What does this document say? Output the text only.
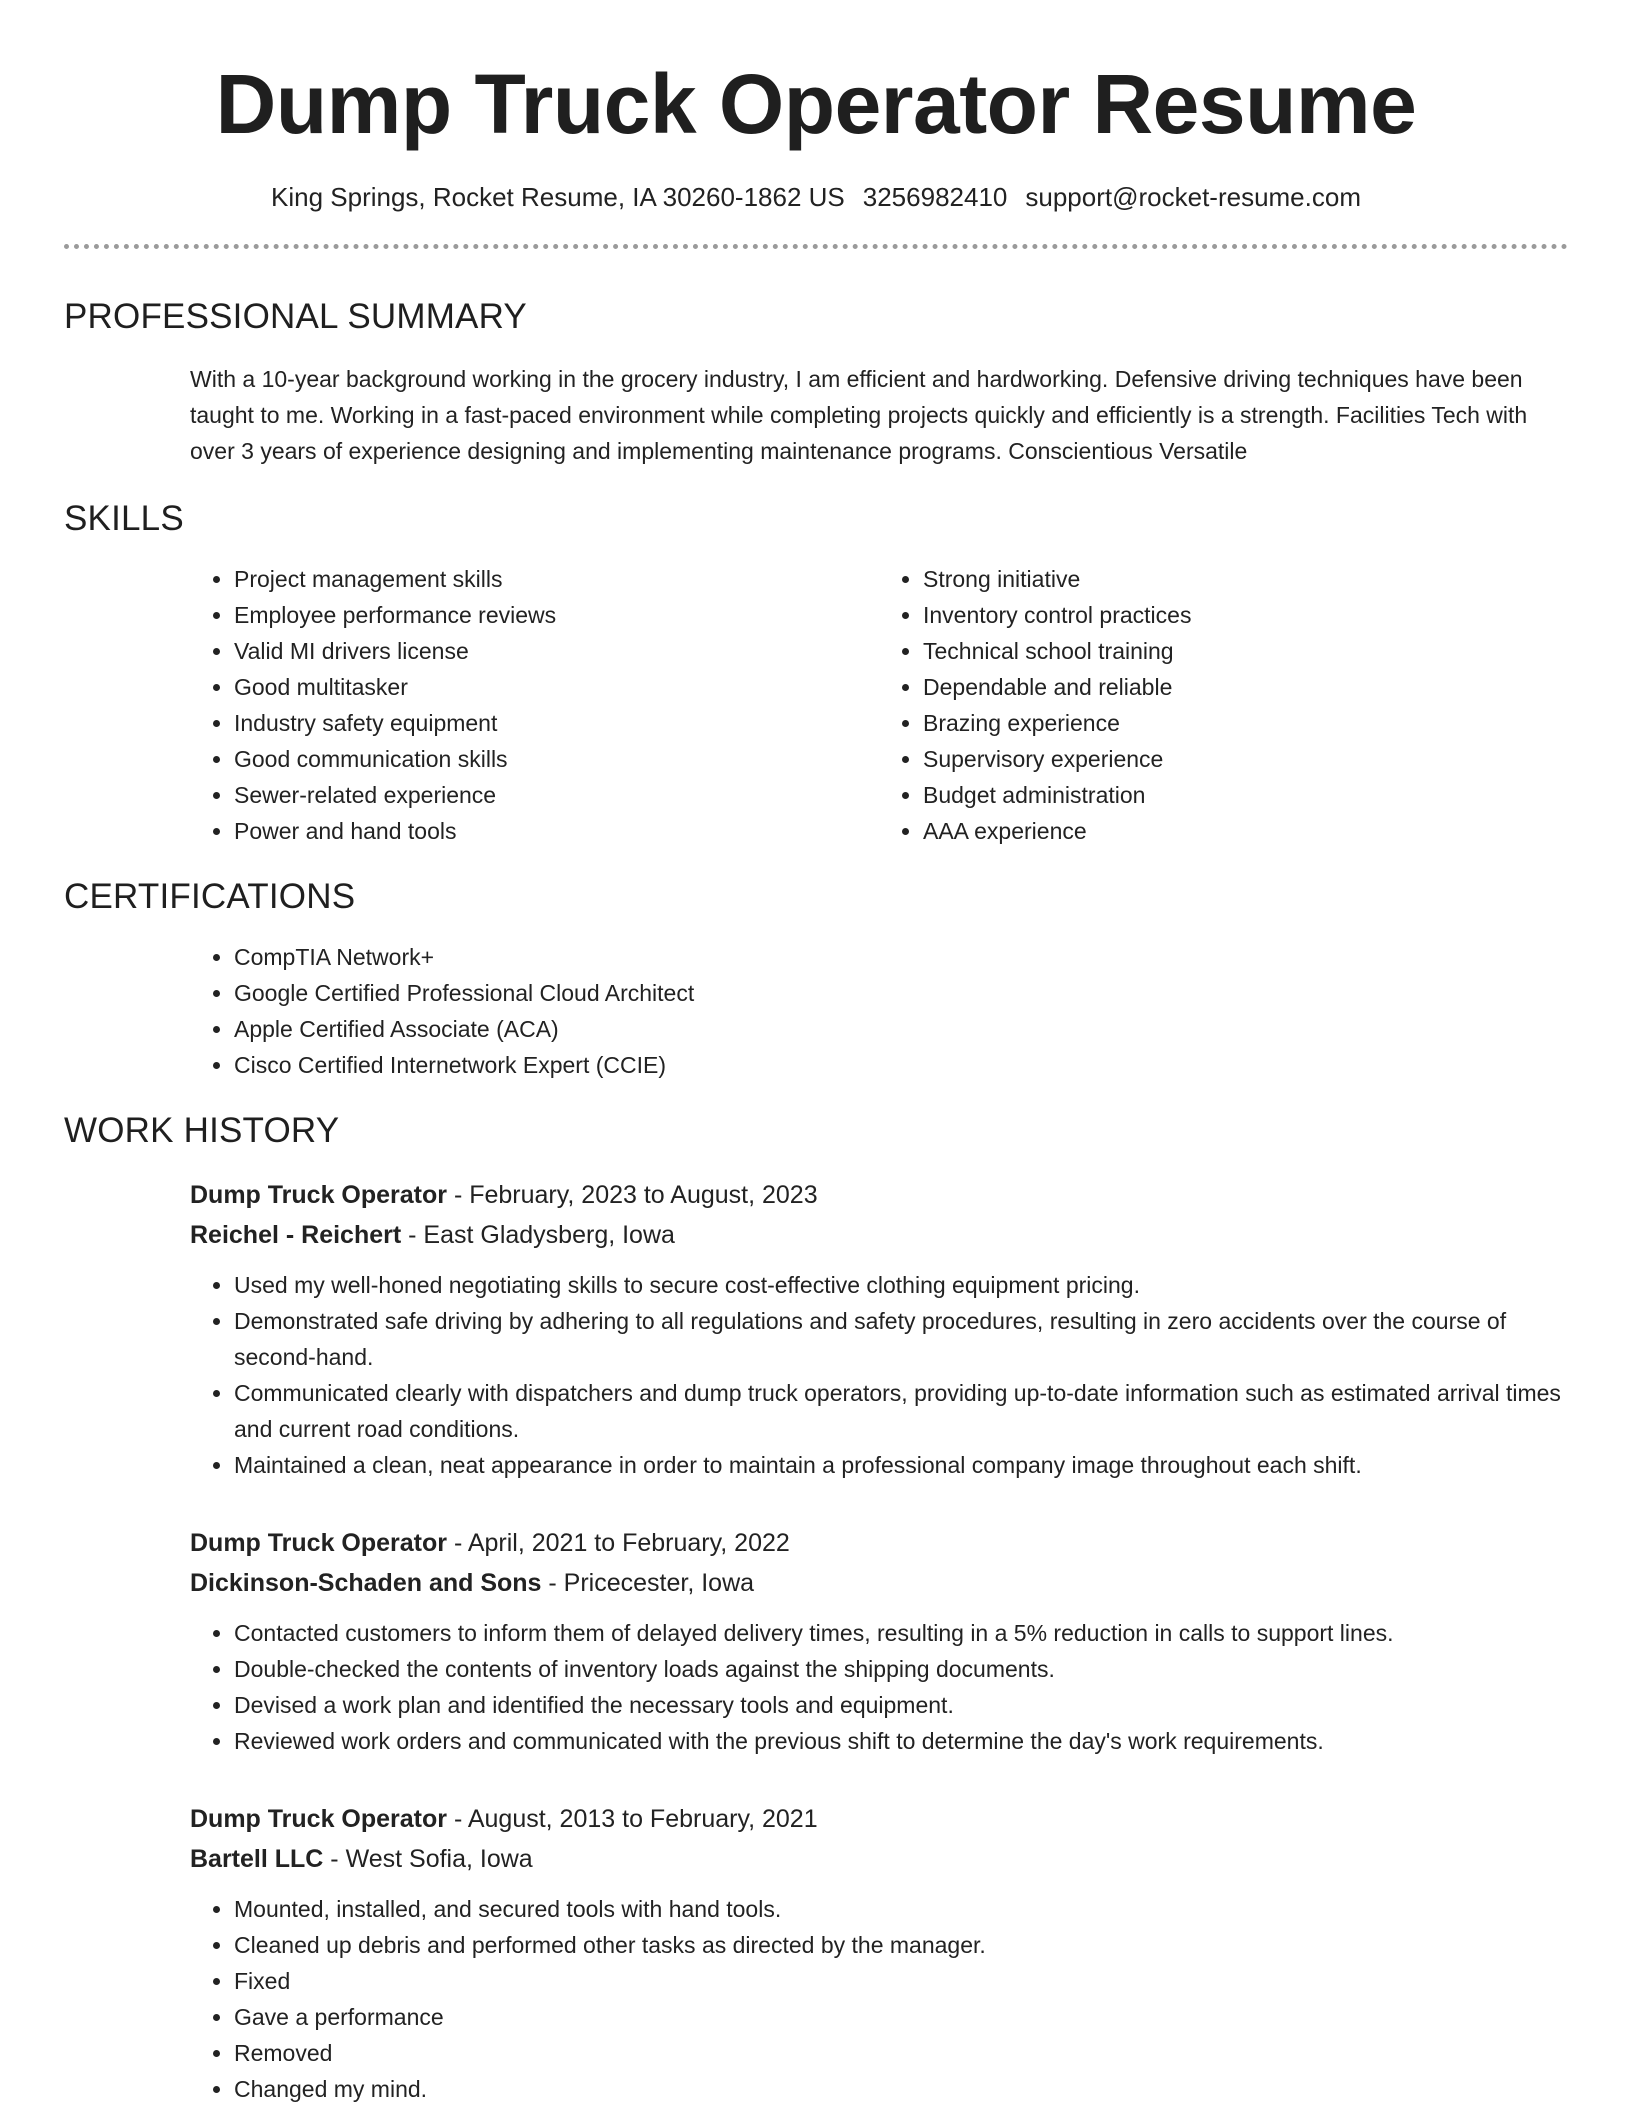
Dump Truck Operator Resume
King Springs, Rocket Resume, IA 30260-1862 US 3256982410 support@rocket-resume.com
PROFESSIONAL SUMMARY
With a 10-year background working in the grocery industry, I am efficient and hardworking. Defensive driving techniques have been taught to me. Working in a fast-paced environment while completing projects quickly and efficiently is a strength. Facilities Tech with over 3 years of experience designing and implementing maintenance programs. Conscientious Versatile
SKILLS
• Project management skills
• Employee performance reviews
• Valid MI drivers license
• Good multitasker
• Industry safety equipment
• Good communication skills
• Sewer-related experience
• Power and hand tools
• Strong initiative
• Inventory control practices
• Technical school training
• Dependable and reliable
• Brazing experience
• Supervisory experience
• Budget administration
• AAA experience
CERTIFICATIONS
• CompTIA Network+
• Google Certified Professional Cloud Architect
• Apple Certified Associate (ACA)
• Cisco Certified Internetwork Expert (CCIE)
WORK HISTORY
Dump Truck Operator - February, 2023 to August, 2023
Reichel - Reichert - East Gladysberg, Iowa
• Used my well-honed negotiating skills to secure cost-effective clothing equipment pricing.
• Demonstrated safe driving by adhering to all regulations and safety procedures, resulting in zero accidents over the course of second-hand.
• Communicated clearly with dispatchers and dump truck operators, providing up-to-date information such as estimated arrival times and current road conditions.
• Maintained a clean, neat appearance in order to maintain a professional company image throughout each shift.
Dump Truck Operator - April, 2021 to February, 2022
Dickinson-Schaden and Sons - Pricecester, Iowa
• Contacted customers to inform them of delayed delivery times, resulting in a 5% reduction in calls to support lines.
• Double-checked the contents of inventory loads against the shipping documents.
• Devised a work plan and identified the necessary tools and equipment.
• Reviewed work orders and communicated with the previous shift to determine the day's work requirements.
Dump Truck Operator - August, 2013 to February, 2021
Bartell LLC - West Sofia, Iowa
• Mounted, installed, and secured tools with hand tools.
• Cleaned up debris and performed other tasks as directed by the manager.
• Fixed
• Gave a performance
• Removed
• Changed my mind.
